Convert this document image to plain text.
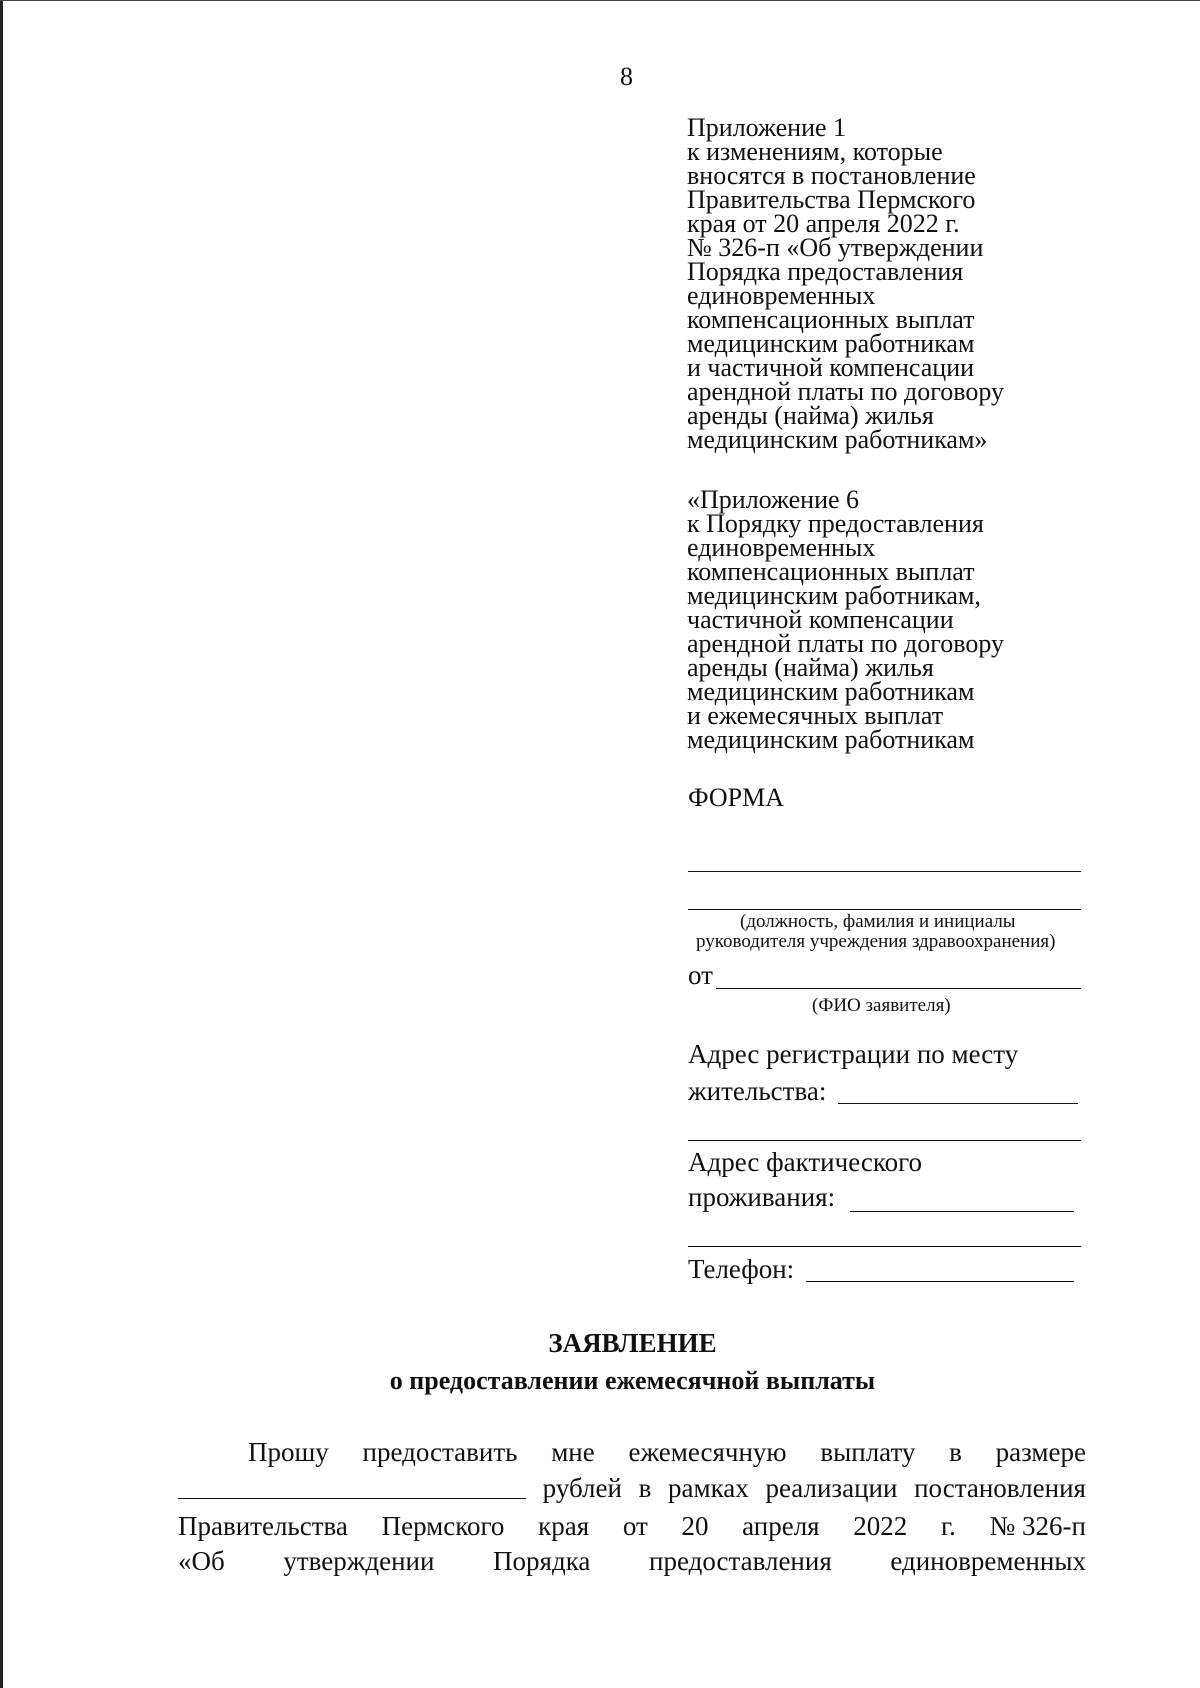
8
Приложение 1
к изменениям, которые
вносятся в постановление
Правительства Пермского
края от 20 апреля 2022 г.
№ 326-п «Об утверждении
Порядка предоставления
единовременных
компенсационных выплат
медицинским работникам
и частичной компенсации
арендной платы по договору
аренды (найма) жилья
медицинским работникам»
«Приложение 6
к Порядку предоставления
единовременных
компенсационных выплат
медицинским работникам,
частичной компенсации
арендной платы по договору
аренды (найма) жилья
медицинским работникам
и ежемесячных выплат
медицинским работникам
ФОРМА
(должность, фамилия и инициалы
руководителя учреждения здравоохранения)
от
(ФИО заявителя)
Адрес регистрации по месту
жительства:
Адрес фактического
проживания:
Телефон:
ЗАЯВЛЕНИЕ
о предоставлении ежемесячной выплаты
Прошу предоставить мне ежемесячную выплату в размере
рублей в рамках реализации постановления
Правительства Пермского края от 20 апреля 2022 г. № 326-п
«Об утверждении Порядка предоставления единовременных
